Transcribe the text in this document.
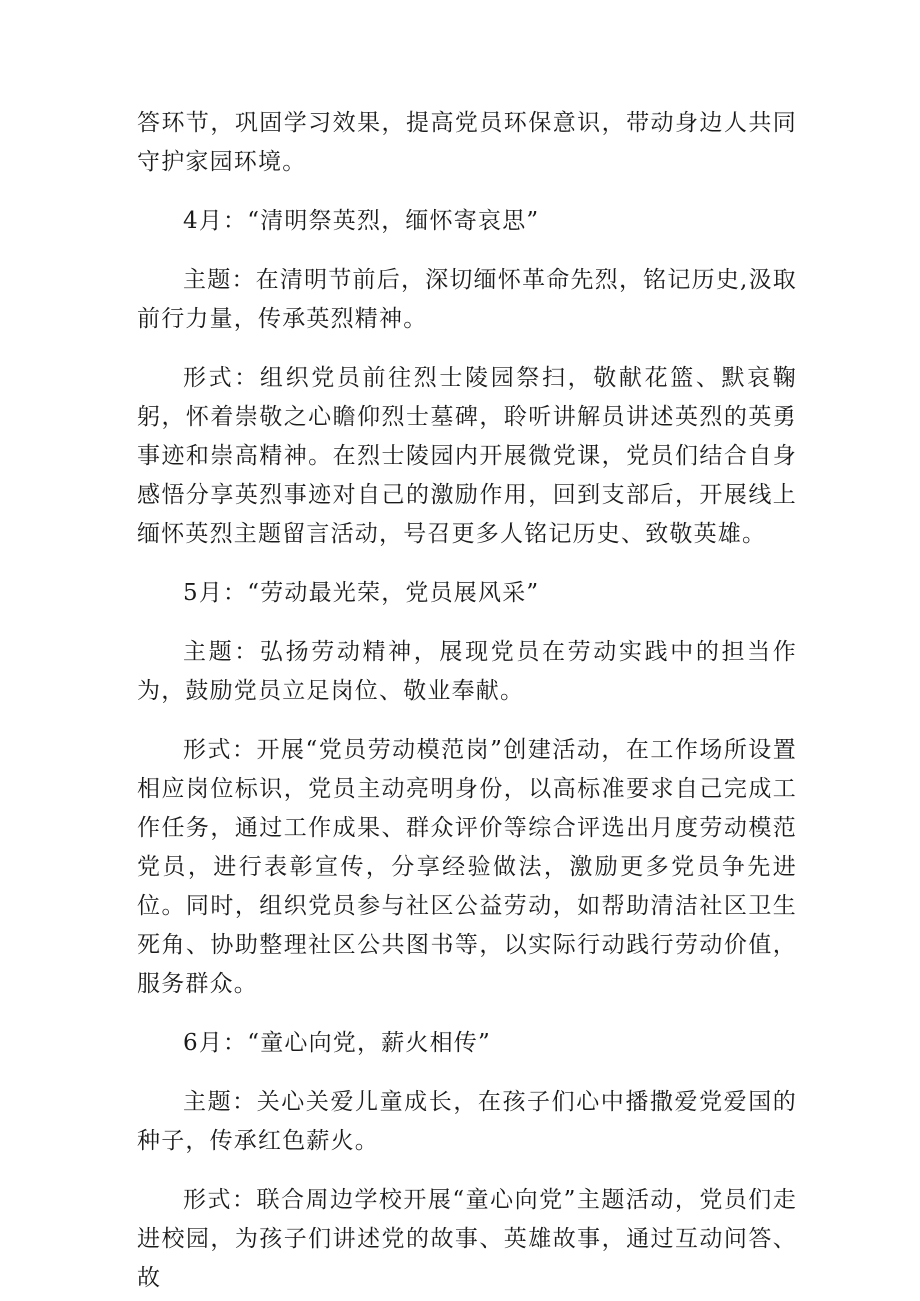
答环节，巩固学习效果，提高党员环保意识，带动身边人共同守护家园环境。

4月：“清明祭英烈，缅怀寄哀思”

主题：在清明节前后，深切缅怀革命先烈，铭记历史,汲取前行力量，传承英烈精神。

形式：组织党员前往烈士陵园祭扫，敬献花篮、默哀鞠躬，怀着崇敬之心瞻仰烈士墓碑，聆听讲解员讲述英烈的英勇事迹和崇高精神。在烈士陵园内开展微党课，党员们结合自身感悟分享英烈事迹对自己的激励作用，回到支部后，开展线上缅怀英烈主题留言活动，号召更多人铭记历史、致敬英雄。

5月：“劳动最光荣，党员展风采”

主题：弘扬劳动精神，展现党员在劳动实践中的担当作为，鼓励党员立足岗位、敬业奉献。

形式：开展“党员劳动模范岗”创建活动，在工作场所设置相应岗位标识，党员主动亮明身份，以高标准要求自己完成工作任务，通过工作成果、群众评价等综合评选出月度劳动模范党员，进行表彰宣传，分享经验做法，激励更多党员争先进位。同时，组织党员参与社区公益劳动，如帮助清洁社区卫生死角、协助整理社区公共图书等，以实际行动践行劳动价值，服务群众。

6月：“童心向党，薪火相传”

主题：关心关爱儿童成长，在孩子们心中播撒爱党爱国的种子，传承红色薪火。

形式：联合周边学校开展“童心向党”主题活动，党员们走进校园，为孩子们讲述党的故事、英雄故事，通过互动问答、故
